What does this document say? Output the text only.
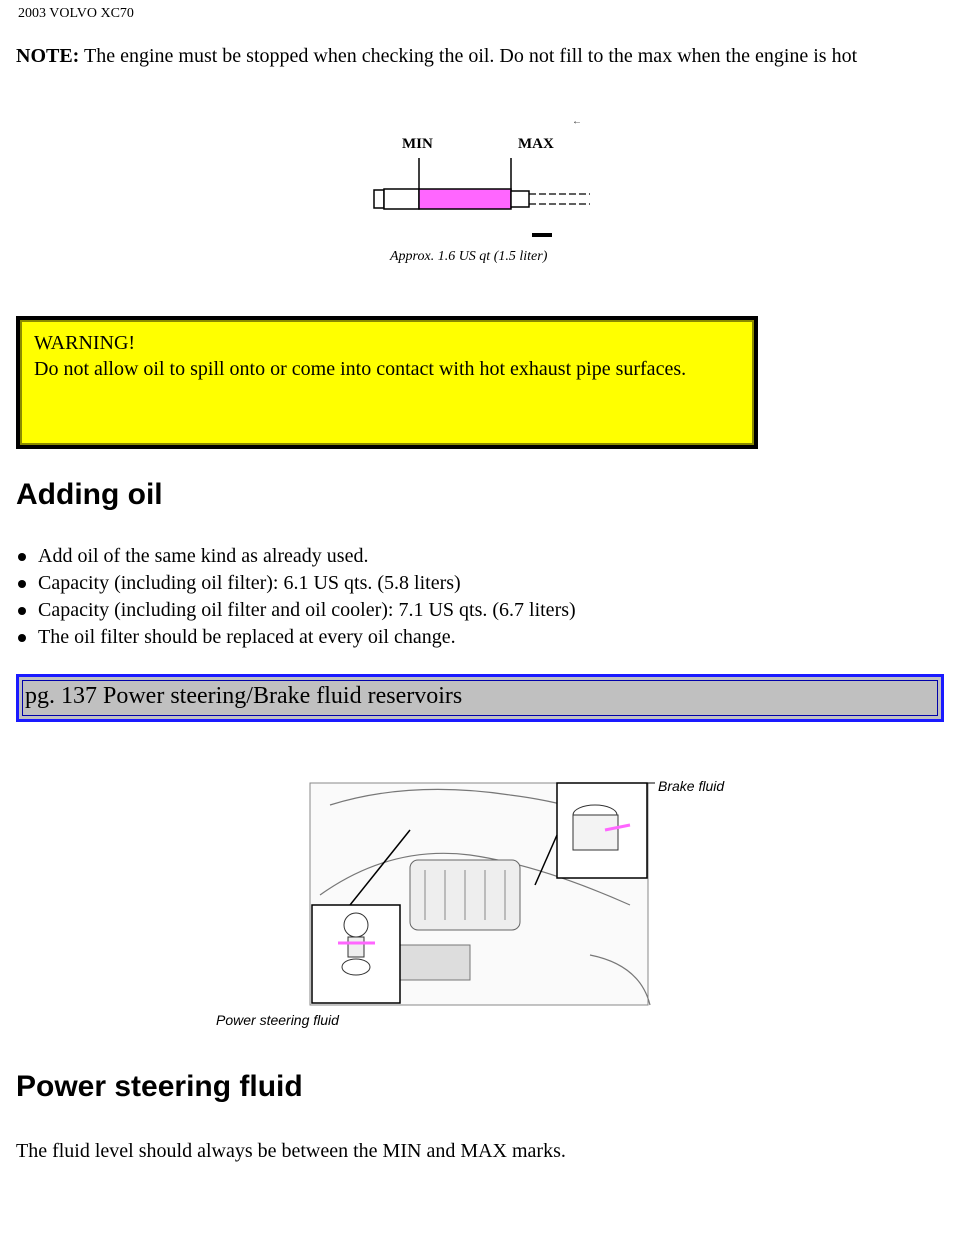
2003 VOLVO XC70
NOTE: The engine must be stopped when checking the oil. Do not fill to the max when the engine is hot
MIN	MAX
←
Approx. 1.6 US qt (1.5 liter)
WARNING!
Do not allow oil to spill onto or come into contact with hot exhaust pipe surfaces.
Adding oil
Add oil of the same kind as already used.
Capacity (including oil filter): 6.1 US qts. (5.8 liters)
Capacity (including oil filter and oil cooler): 7.1 US qts. (6.7 liters)
The oil filter should be replaced at every oil change.
pg. 137 Power steering/Brake fluid reservoirs
Brake fluid
Power steering fluid
Power steering fluid
The fluid level should always be between the MIN and MAX marks.
